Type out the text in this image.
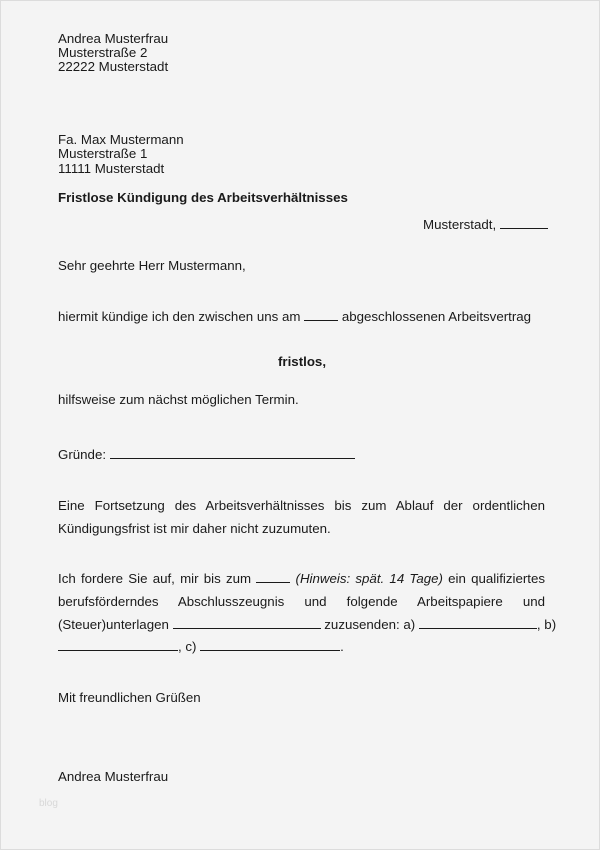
Andrea Musterfrau
Musterstraße 2
22222 Musterstadt
Fa. Max Mustermann
Musterstraße 1
11111 Musterstadt
Fristlose Kündigung des Arbeitsverhältnisses
Musterstadt,
Sehr geehrte Herr Mustermann,
hiermit kündige ich den zwischen uns am	abgeschlossenen Arbeitsvertrag
fristlos,
hilfsweise zum nächst möglichen Termin.
Gründe:
Eine Fortsetzung des Arbeitsverhältnisses bis zum Ablauf der ordentlichen
Kündigungsfrist ist mir daher nicht zuzumuten.
Ich fordere Sie auf, mir bis zum	(Hinweis: spät. 14 Tage) ein qualifiziertes
berufsförderndes Abschlusszeugnis und folgende Arbeitspapiere und
(Steuer)unterlagen	zuzusenden: a)	, b)
, c)	.
Mit freundlichen Grüßen
Andrea Musterfrau
blog
